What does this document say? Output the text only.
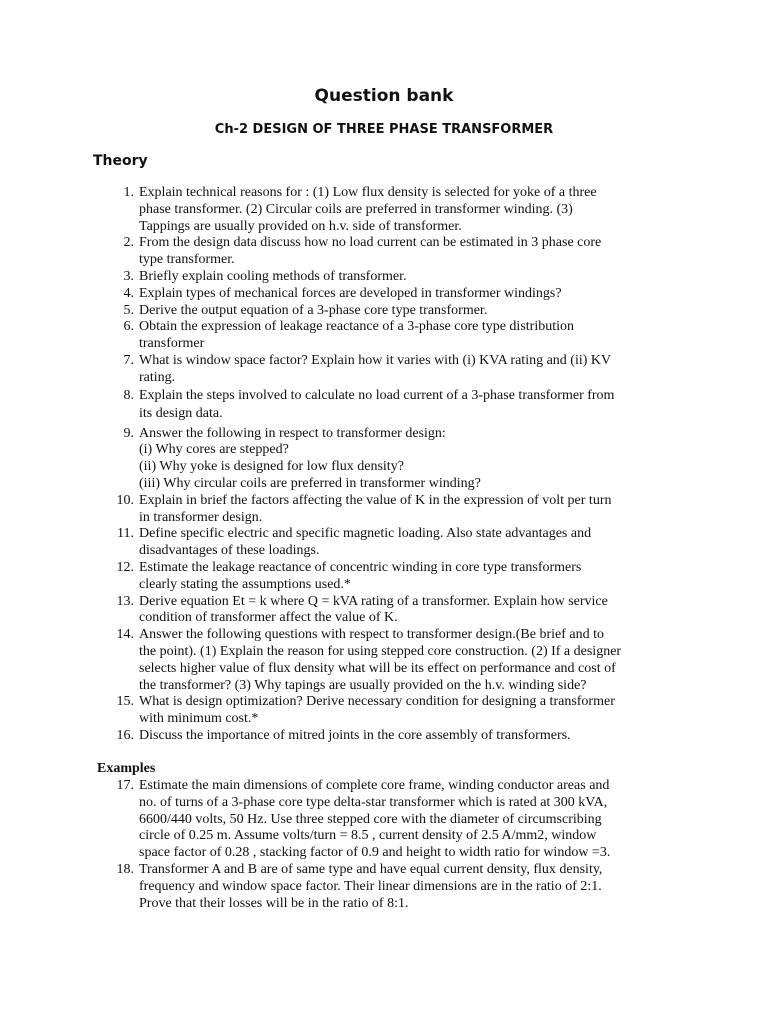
Question bank
Ch-2 DESIGN OF THREE PHASE TRANSFORMER
Theory
1. Explain technical reasons for : (1) Low flux density is selected for yoke of a three
phase transformer. (2) Circular coils are preferred in transformer winding. (3)
Tappings are usually provided on h.v. side of transformer.
2. From the design data discuss how no load current can be estimated in 3 phase core
type transformer.
3. Briefly explain cooling methods of transformer.
4. Explain types of mechanical forces are developed in transformer windings?
5. Derive the output equation of a 3-phase core type transformer.
6. Obtain the expression of leakage reactance of a 3-phase core type distribution
transformer
7. What is window space factor? Explain how it varies with (i) KVA rating and (ii) KV
rating.
8. Explain the steps involved to calculate no load current of a 3-phase transformer from
its design data.
9. Answer the following in respect to transformer design:
(i) Why cores are stepped?
(ii) Why yoke is designed for low flux density?
(iii) Why circular coils are preferred in transformer winding?
10. Explain in brief the factors affecting the value of K in the expression of volt per turn
in transformer design.
11. Define specific electric and specific magnetic loading. Also state advantages and
disadvantages of these loadings.
12. Estimate the leakage reactance of concentric winding in core type transformers
clearly stating the assumptions used.*
13. Derive equation Et = k where Q = kVA rating of a transformer. Explain how service
condition of transformer affect the value of K.
14. Answer the following questions with respect to transformer design.(Be brief and to
the point). (1) Explain the reason for using stepped core construction. (2) If a designer
selects higher value of flux density what will be its effect on performance and cost of
the transformer? (3) Why tapings are usually provided on the h.v. winding side?
15. What is design optimization? Derive necessary condition for designing a transformer
with minimum cost.*
16. Discuss the importance of mitred joints in the core assembly of transformers.
Examples
17. Estimate the main dimensions of complete core frame, winding conductor areas and
no. of turns of a 3-phase core type delta-star transformer which is rated at 300 kVA,
6600/440 volts, 50 Hz. Use three stepped core with the diameter of circumscribing
circle of 0.25 m. Assume volts/turn = 8.5 , current density of 2.5 A/mm2, window
space factor of 0.28 , stacking factor of 0.9 and height to width ratio for window =3.
18. Transformer A and B are of same type and have equal current density, flux density,
frequency and window space factor. Their linear dimensions are in the ratio of 2:1.
Prove that their losses will be in the ratio of 8:1.
